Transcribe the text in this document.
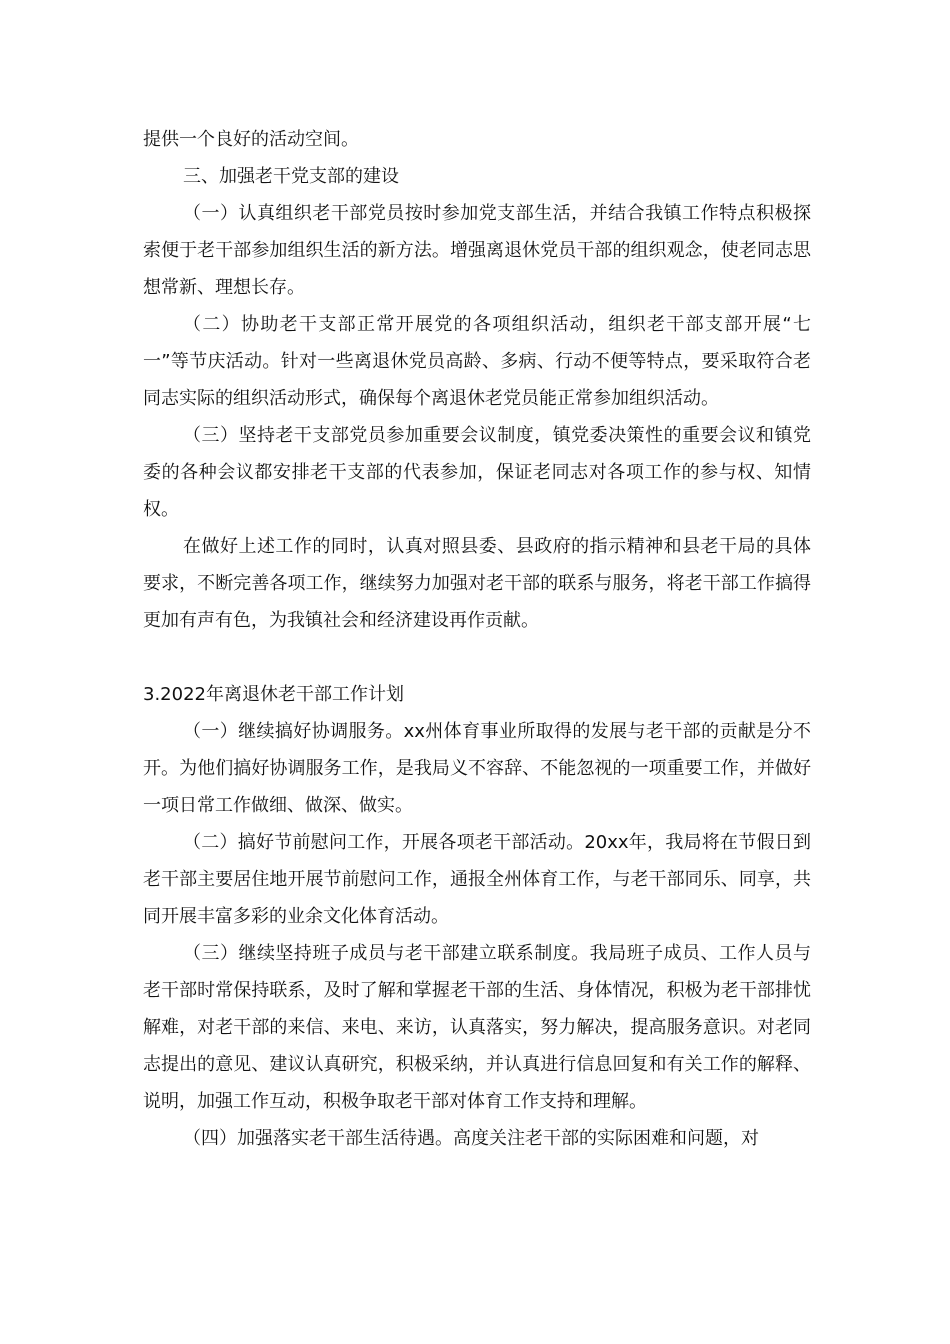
提供一个良好的活动空间。

三、加强老干党支部的建设

（一）认真组织老干部党员按时参加党支部生活，并结合我镇工作特点积极探索便于老干部参加组织生活的新方法。增强离退休党员干部的组织观念，使老同志思想常新、理想长存。

（二）协助老干支部正常开展党的各项组织活动，组织老干部支部开展“七一”等节庆活动。针对一些离退休党员高龄、多病、行动不便等特点，要采取符合老同志实际的组织活动形式，确保每个离退休老党员能正常参加组织活动。

（三）坚持老干支部党员参加重要会议制度，镇党委决策性的重要会议和镇党委的各种会议都安排老干支部的代表参加，保证老同志对各项工作的参与权、知情权。

在做好上述工作的同时，认真对照县委、县政府的指示精神和县老干局的具体要求，不断完善各项工作，继续努力加强对老干部的联系与服务，将老干部工作搞得更加有声有色，为我镇社会和经济建设再作贡献。

3.2022年离退休老干部工作计划

（一）继续搞好协调服务。xx州体育事业所取得的发展与老干部的贡献是分不开。为他们搞好协调服务工作，是我局义不容辞、不能忽视的一项重要工作，并做好一项日常工作做细、做深、做实。

（二）搞好节前慰问工作，开展各项老干部活动。20xx年，我局将在节假日到老干部主要居住地开展节前慰问工作，通报全州体育工作，与老干部同乐、同享，共同开展丰富多彩的业余文化体育活动。

（三）继续坚持班子成员与老干部建立联系制度。我局班子成员、工作人员与老干部时常保持联系，及时了解和掌握老干部的生活、身体情况，积极为老干部排忧解难，对老干部的来信、来电、来访，认真落实，努力解决，提高服务意识。对老同志提出的意见、建议认真研究，积极采纳，并认真进行信息回复和有关工作的解释、说明，加强工作互动，积极争取老干部对体育工作支持和理解。

（四）加强落实老干部生活待遇。高度关注老干部的实际困难和问题，对
